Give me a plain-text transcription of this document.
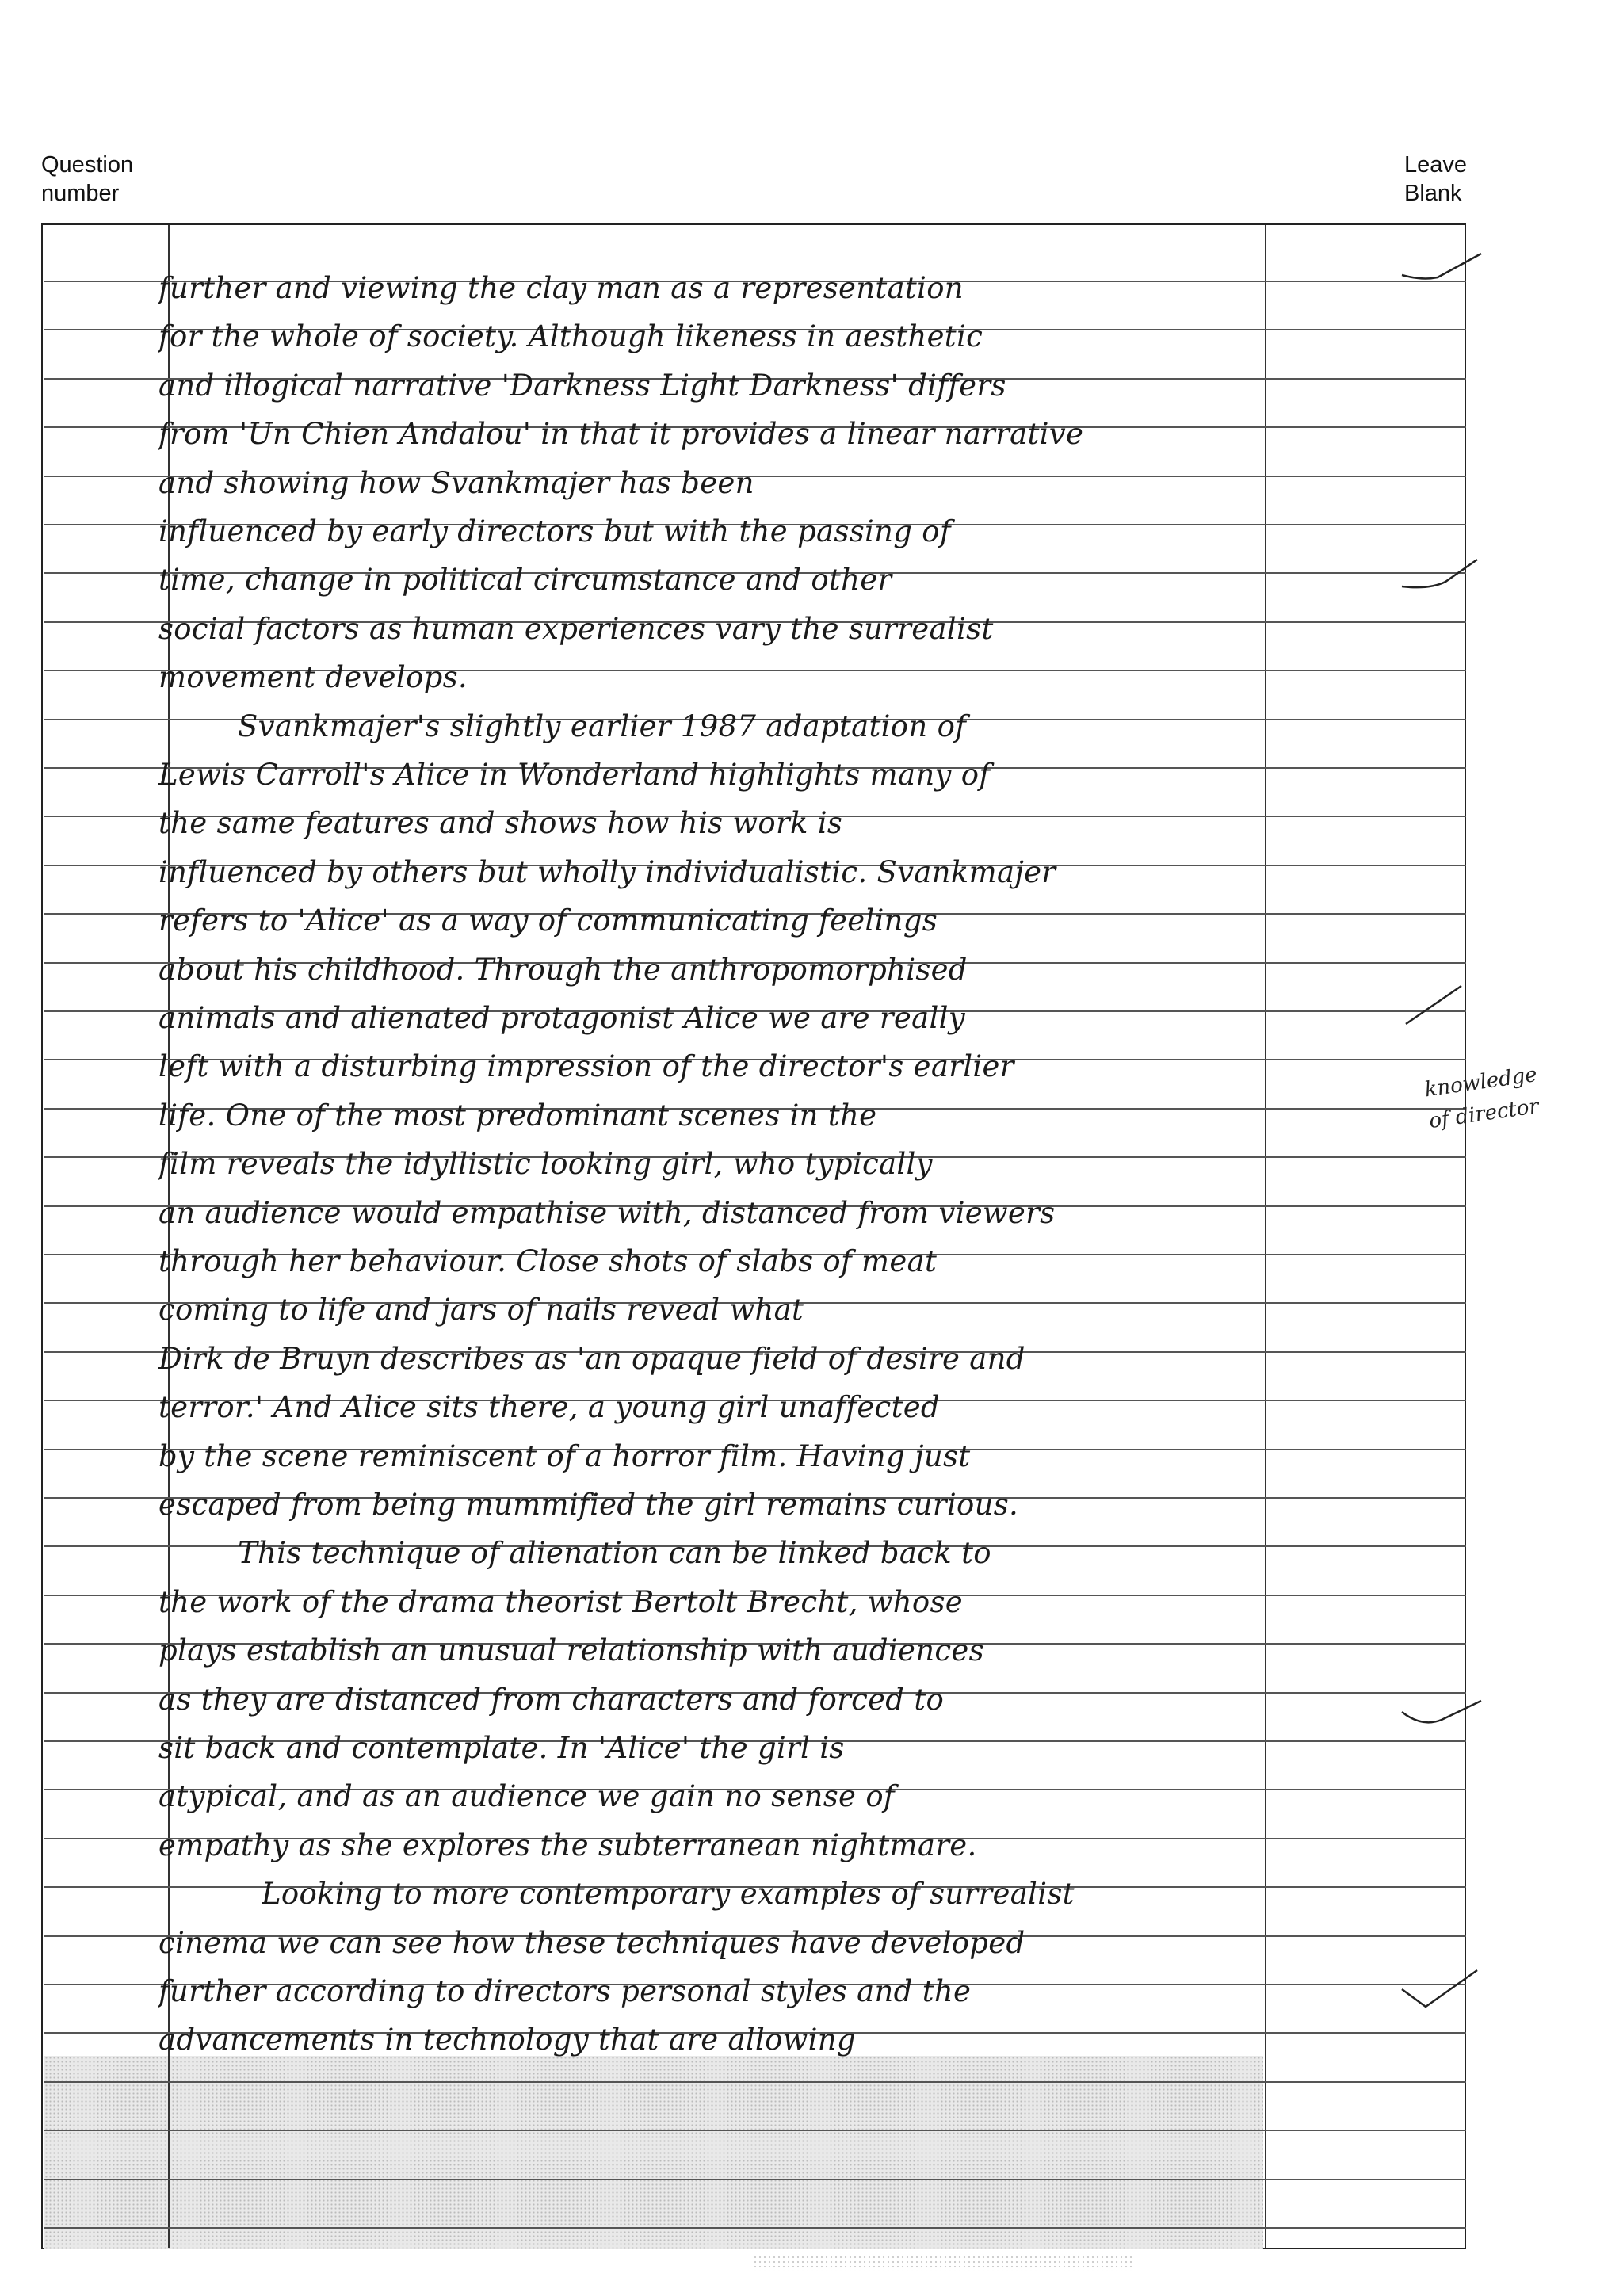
Question
number
Leave
Blank
further and viewing the clay man as a representation
for the whole of society. Although likeness in aesthetic
and illogical narrative 'Darkness Light Darkness' differs
from 'Un Chien Andalou' in that it provides a linear narrative
and showing how Svankmajer has been
influenced by early directors but with the passing of
time, change in political circumstance and other
social factors as human experiences vary the surrealist
movement develops.
Svankmajer's slightly earlier 1987 adaptation of
Lewis Carroll's Alice in Wonderland highlights many of
the same features and shows how his work is
influenced by others but wholly individualistic. Svankmajer
refers to 'Alice' as a way of communicating feelings
about his childhood. Through the anthropomorphised
animals and alienated protagonist Alice we are really
left with a disturbing impression of the director's earlier
life. One of the most predominant scenes in the
film reveals the idyllistic looking girl, who typically
an audience would empathise with, distanced from viewers
through her behaviour. Close shots of slabs of meat
coming to life and jars of nails reveal what
Dirk de Bruyn describes as 'an opaque field of desire and
terror.' And Alice sits there, a young girl unaffected
by the scene reminiscent of a horror film. Having just
escaped from being mummified the girl remains curious.
This technique of alienation can be linked back to
the work of the drama theorist Bertolt Brecht, whose
plays establish an unusual relationship with audiences
as they are distanced from characters and forced to
sit back and contemplate. In 'Alice' the girl is
atypical, and as an audience we gain no sense of
empathy as she explores the subterranean nightmare.
Looking to more contemporary examples of surrealist
cinema we can see how these techniques have developed
further according to directors personal styles and the
advancements in technology that are allowing
knowledge of director
